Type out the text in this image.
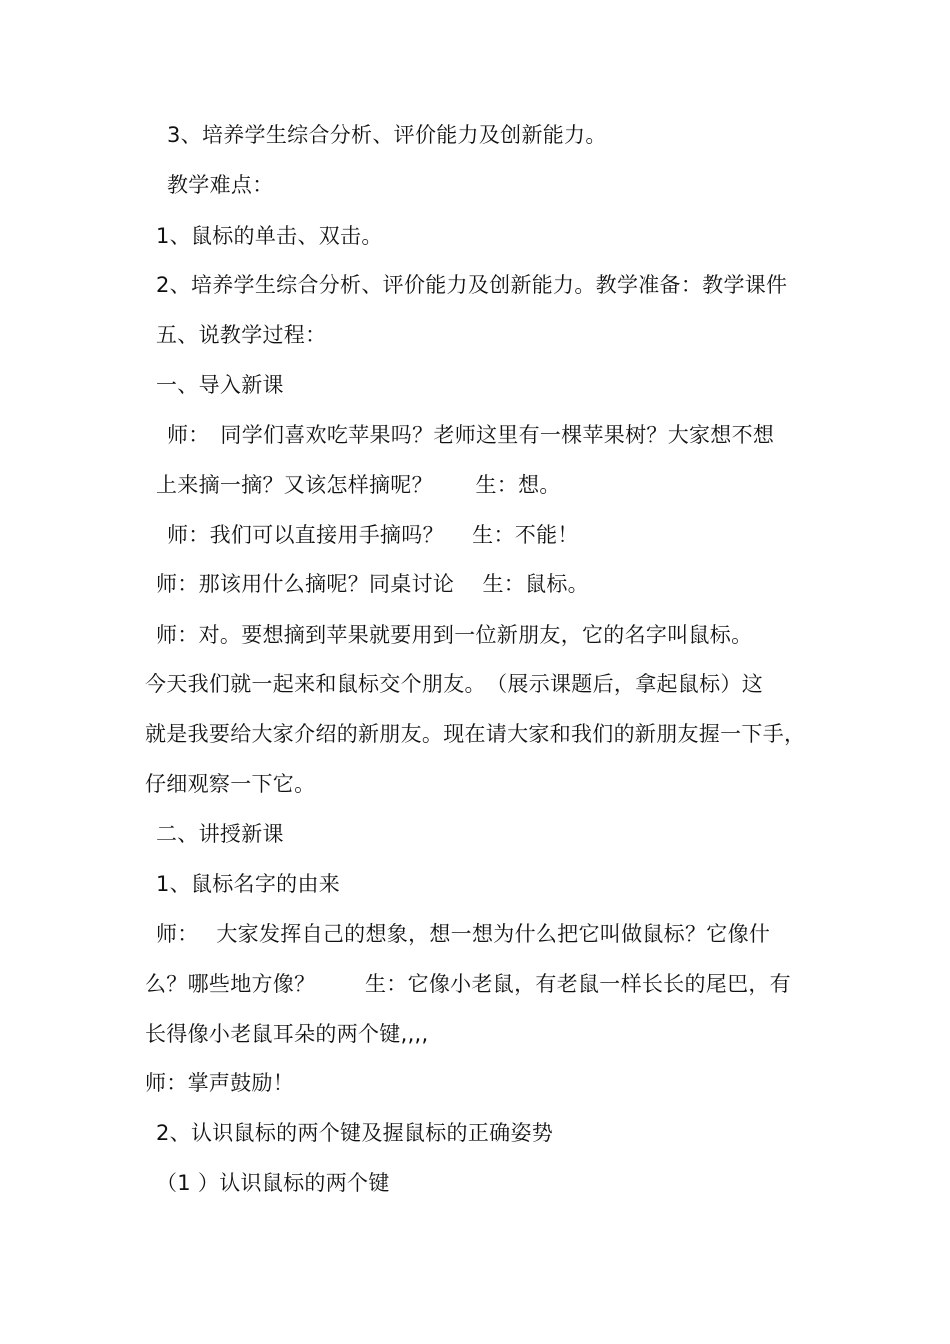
3、培养学生综合分析、评价能力及创新能力。
教学难点：
1、鼠标的单击、双击。
2、培养学生综合分析、评价能力及创新能力。教学准备：教学课件
五、说教学过程：
一、导入新课
师：　同学们喜欢吃苹果吗？老师这里有一棵苹果树？大家想不想
上来摘一摘？又该怎样摘呢？　　生：想。
师：我们可以直接用手摘吗？　 生：不能！
师：那该用什么摘呢？同桌讨论　 生：鼠标。
师：对。要想摘到苹果就要用到一位新朋友，它的名字叫鼠标。
今天我们就一起来和鼠标交个朋友。　（展示课题后，拿起鼠标）这
就是我要给大家介绍的新朋友。现在请大家和我们的新朋友握一下手，
仔细观察一下它。
二、讲授新课
1、鼠标名字的由来
师：　 大家发挥自己的想象，想一想为什么把它叫做鼠标？它像什
么？哪些地方像？　　 生：它像小老鼠，有老鼠一样长长的尾巴，有
长得像小老鼠耳朵的两个键,,,,
师：掌声鼓励！
2、认识鼠标的两个键及握鼠标的正确姿势
（1 ）认识鼠标的两个键
